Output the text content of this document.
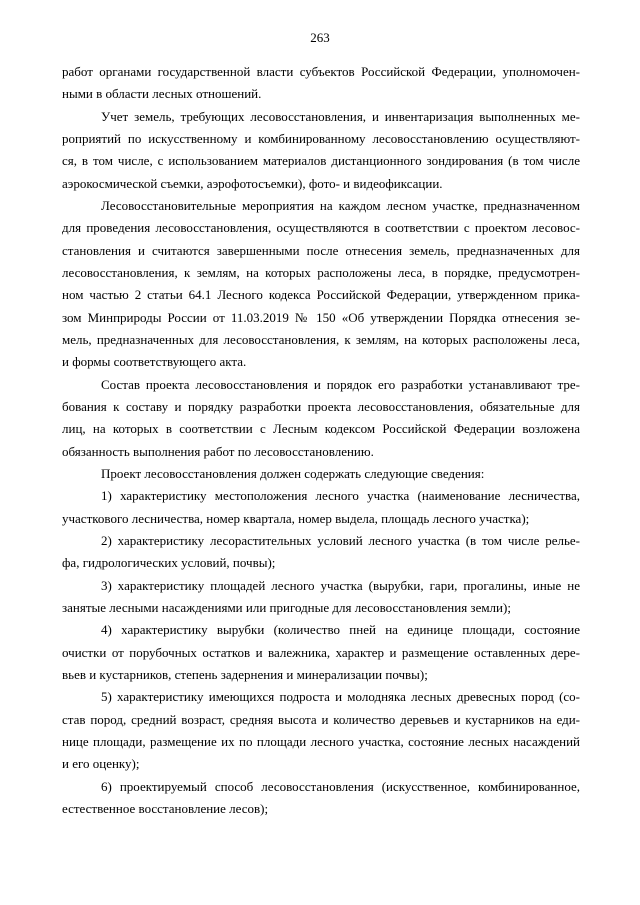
263
работ органами государственной власти субъектов Российской Федерации, уполномочен-
ными в области лесных отношений.
Учет земель, требующих лесовосстановления, и инвентаризация выполненных ме-
роприятий по искусственному и комбинированному лесовосстановлению осуществляют-
ся, в том числе, с использованием материалов дистанционного зондирования (в том числе
аэрокосмической съемки, аэрофотосъемки), фото- и видеофиксации.
Лесовосстановительные мероприятия на каждом лесном участке, предназначенном
для проведения лесовосстановления, осуществляются в соответствии с проектом лесовос-
становления и считаются завершенными после отнесения земель, предназначенных для
лесовосстановления, к землям, на которых расположены леса, в порядке, предусмотрен-
ном частью 2 статьи 64.1 Лесного кодекса Российской Федерации, утвержденном прика-
зом Минприроды России от 11.03.2019 № 150 «Об утверждении Порядка отнесения зе-
мель, предназначенных для лесовосстановления, к землям, на которых расположены леса,
и формы соответствующего акта.
Состав проекта лесовосстановления и порядок его разработки устанавливают тре-
бования к составу и порядку разработки проекта лесовосстановления, обязательные для
лиц, на которых в соответствии с Лесным кодексом Российской Федерации возложена
обязанность выполнения работ по лесовосстановлению.
Проект лесовосстановления должен содержать следующие сведения:
1) характеристику местоположения лесного участка (наименование лесничества,
участкового лесничества, номер квартала, номер выдела, площадь лесного участка);
2) характеристику лесорастительных условий лесного участка (в том числе релье-
фа, гидрологических условий, почвы);
3) характеристику площадей лесного участка (вырубки, гари, прогалины, иные не
занятые лесными насаждениями или пригодные для лесовосстановления земли);
4) характеристику вырубки (количество пней на единице площади, состояние
очистки от порубочных остатков и валежника, характер и размещение оставленных дере-
вьев и кустарников, степень задернения и минерализации почвы);
5) характеристику имеющихся подроста и молодняка лесных древесных пород (со-
став пород, средний возраст, средняя высота и количество деревьев и кустарников на еди-
нице площади, размещение их по площади лесного участка, состояние лесных насаждений
и его оценку);
6) проектируемый способ лесовосстановления (искусственное, комбинированное,
естественное восстановление лесов);
